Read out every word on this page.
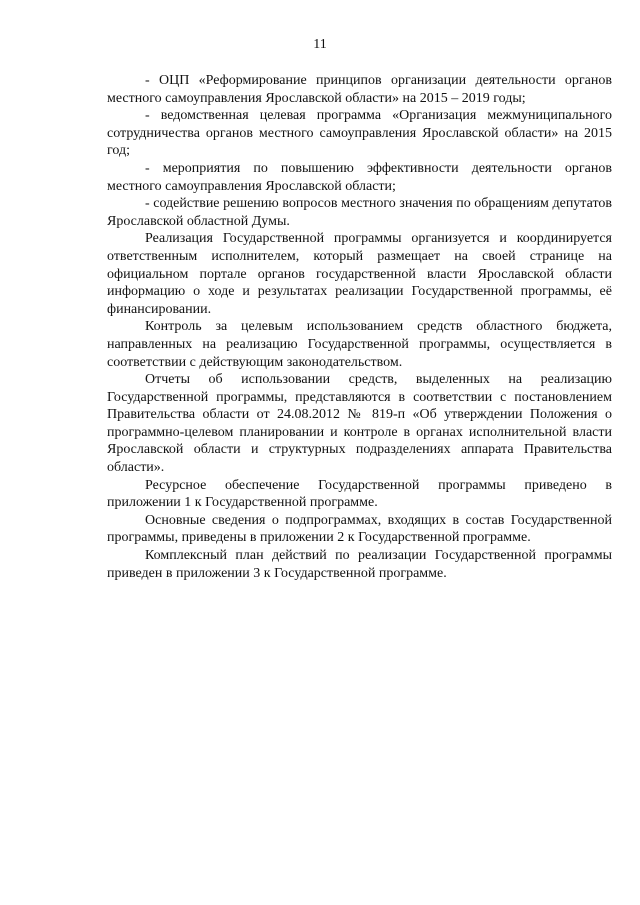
11

- ОЦП «Реформирование принципов организации деятельности органов местного самоуправления Ярославской области» на 2015 – 2019 годы;

- ведомственная целевая программа «Организация межмуниципального сотрудничества органов местного самоуправления Ярославской области» на 2015 год;

- мероприятия по повышению эффективности деятельности органов местного самоуправления Ярославской области;

- содействие решению вопросов местного значения по обращениям депутатов Ярославской областной Думы.

Реализация Государственной программы организуется и координируется ответственным исполнителем, который размещает на своей странице на официальном портале органов государственной власти Ярославской области информацию о ходе и результатах реализации Государственной программы, её финансировании.

Контроль за целевым использованием средств областного бюджета, направленных на реализацию Государственной программы, осуществляется в соответствии с действующим законодательством.

Отчеты об использовании средств, выделенных на реализацию Государственной программы, представляются в соответствии с постановлением Правительства области от 24.08.2012 № 819-п «Об утверждении Положения о программно-целевом планировании и контроле в органах исполнительной власти Ярославской области и структурных подразделениях аппарата Правительства области».

Ресурсное обеспечение Государственной программы приведено в приложении 1 к Государственной программе.

Основные сведения о подпрограммах, входящих в состав Государственной программы, приведены в приложении 2 к Государственной программе.

Комплексный план действий по реализации Государственной программы приведен в приложении 3 к Государственной программе.
